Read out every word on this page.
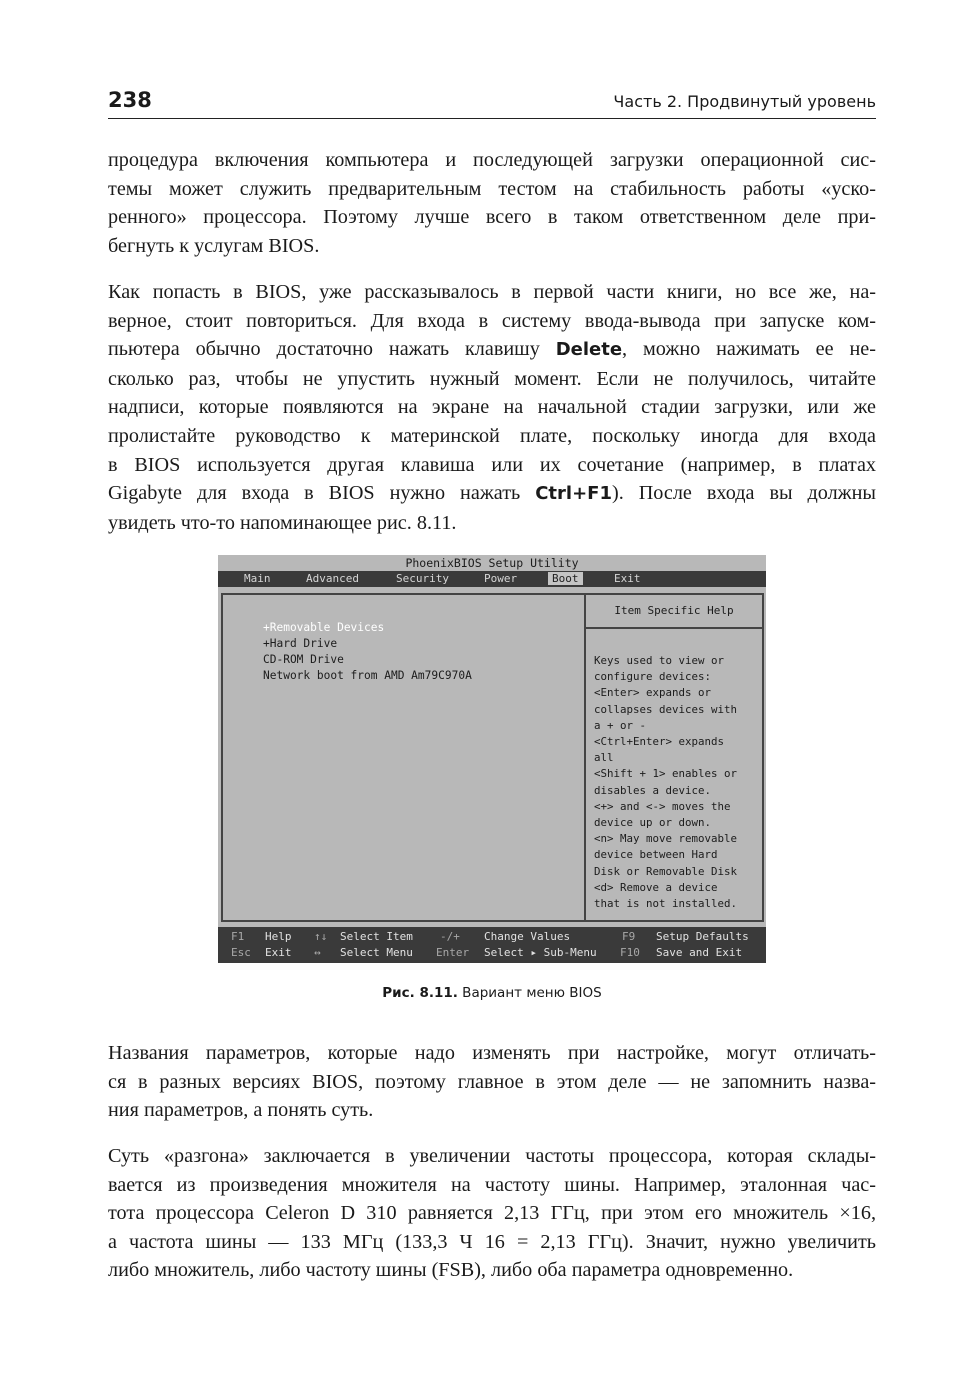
238	Часть 2. Продвинутый уровень
процедура включения компьютера и последующей загрузки операционной сис-
темы может служить предварительным тестом на стабильность работы «уско-
ренного» процессора. Поэтому лучше всего в таком ответственном деле при-
бегнуть к услугам BIOS.
Как попасть в BIOS, уже рассказывалось в первой части книги, но все же, на-
верное, стоит повториться. Для входа в систему ввода-вывода при запуске ком-
пьютера обычно достаточно нажать клавишу Delete, можно нажимать ее не-
сколько раз, чтобы не упустить нужный момент. Если не получилось, читайте
надписи, которые появляются на экране на начальной стадии загрузки, или же
пролистайте руководство к материнской плате, поскольку иногда для входа
в BIOS используется другая клавиша или их сочетание (например, в платах
Gigabyte для входа в BIOS нужно нажать Ctrl+F1). После входа вы должны
увидеть что-то напоминающее рис. 8.11.
PhoenixBIOS Setup Utility
Main	Advanced	Security	Power	Boot	Exit
+Removable Devices
+Hard Drive
CD-ROM Drive
Network boot from AMD Am79C970A
Item Specific Help
Keys used to view or
configure devices:
<Enter> expands or
collapses devices with
a + or -
<Ctrl+Enter> expands
all
<Shift + 1> enables or
disables a device.
<+> and <-> moves the
device up or down.
<n> May move removable
device between Hard
Disk or Removable Disk
<d> Remove a device
that is not installed.
F1 Help ↑↓ Select Item -/+ Change Values	F9 Setup Defaults
Esc Exit ↔ Select Menu Enter Select ▸ Sub-Menu F10 Save and Exit
Рис. 8.11. Вариант меню BIOS
Названия параметров, которые надо изменять при настройке, могут отличать-
ся в разных версиях BIOS, поэтому главное в этом деле — не запомнить назва-
ния параметров, а понять суть.
Суть «разгона» заключается в увеличении частоты процессора, которая склады-
вается из произведения множителя на частоту шины. Например, эталонная час-
тота процессора Celeron D 310 равняется 2,13 ГГц, при этом его множитель ×16,
а частота шины — 133 МГц (133,3 Ч 16 = 2,13 ГГц). Значит, нужно увеличить
либо множитель, либо частоту шины (FSB), либо оба параметра одновременно.
